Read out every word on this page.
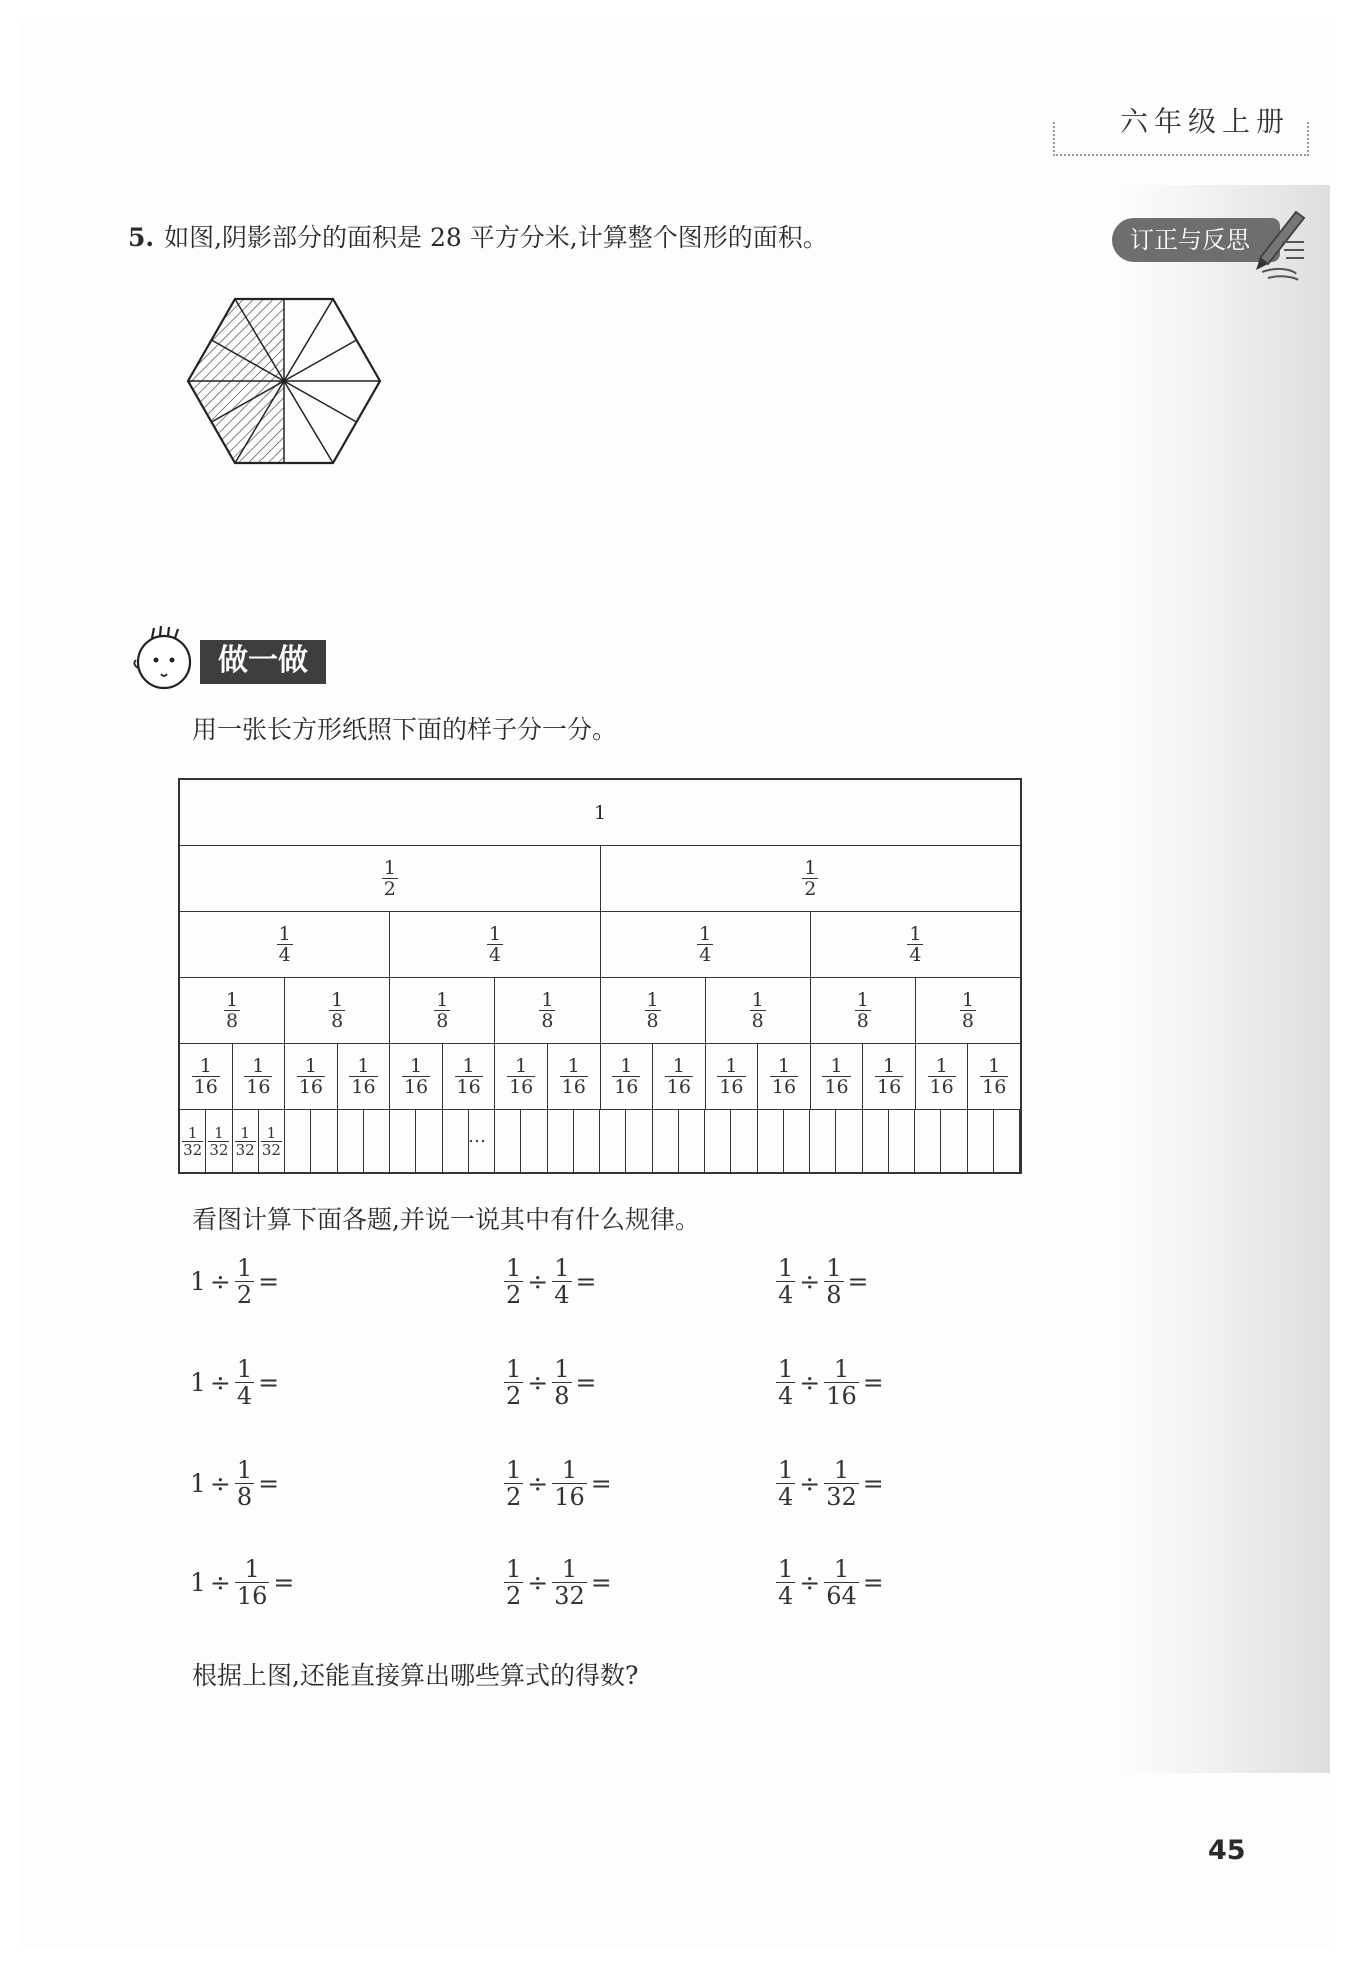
六年级上册
订正与反思
5. 如图,阴影部分的面积是 28 平方分米,计算整个图形的面积。
做一做
用一张长方形纸照下面的样子分一分。
1
$\frac{1}{2}$	$\frac{1}{2}$
$\frac{1}{4}$	$\frac{1}{4}$	$\frac{1}{4}$	$\frac{1}{4}$
$\frac{1}{8}$	$\frac{1}{8}$	$\frac{1}{8}$	$\frac{1}{8}$	$\frac{1}{8}$	$\frac{1}{8}$	$\frac{1}{8}$	$\frac{1}{8}$
$\frac{1}{16} \frac{1}{16} \frac{1}{16} \frac{1}{16} \frac{1}{16} \frac{1}{16} \frac{1}{16} \frac{1}{16} \frac{1}{16} \frac{1}{16} \frac{1}{16} \frac{1}{16} \frac{1}{16} \frac{1}{16} \frac{1}{16} \frac{1}{16}$
$\frac{1}{32} \frac{1}{32} \frac{1}{32} \frac{1}{32}$	…
看图计算下面各题,并说一说其中有什么规律。
$1 \div \frac{1}{2}$ =	$\frac{1}{2} \div \frac{1}{4}$ =	$\frac{1}{4} \div \frac{1}{8}$ =
$1 \div \frac{1}{4}$ =	$\frac{1}{2} \div \frac{1}{8}$ =	$\frac{1}{4} \div \frac{1}{16}$ =
$1 \div \frac{1}{8}$ =	$\frac{1}{2} \div \frac{1}{16}$ =	$\frac{1}{4} \div \frac{1}{32}$ =
$1 \div \frac{1}{16}$ =	$\frac{1}{2} \div \frac{1}{32}$ =	$\frac{1}{4} \div \frac{1}{64}$ =
根据上图,还能直接算出哪些算式的得数?
45
